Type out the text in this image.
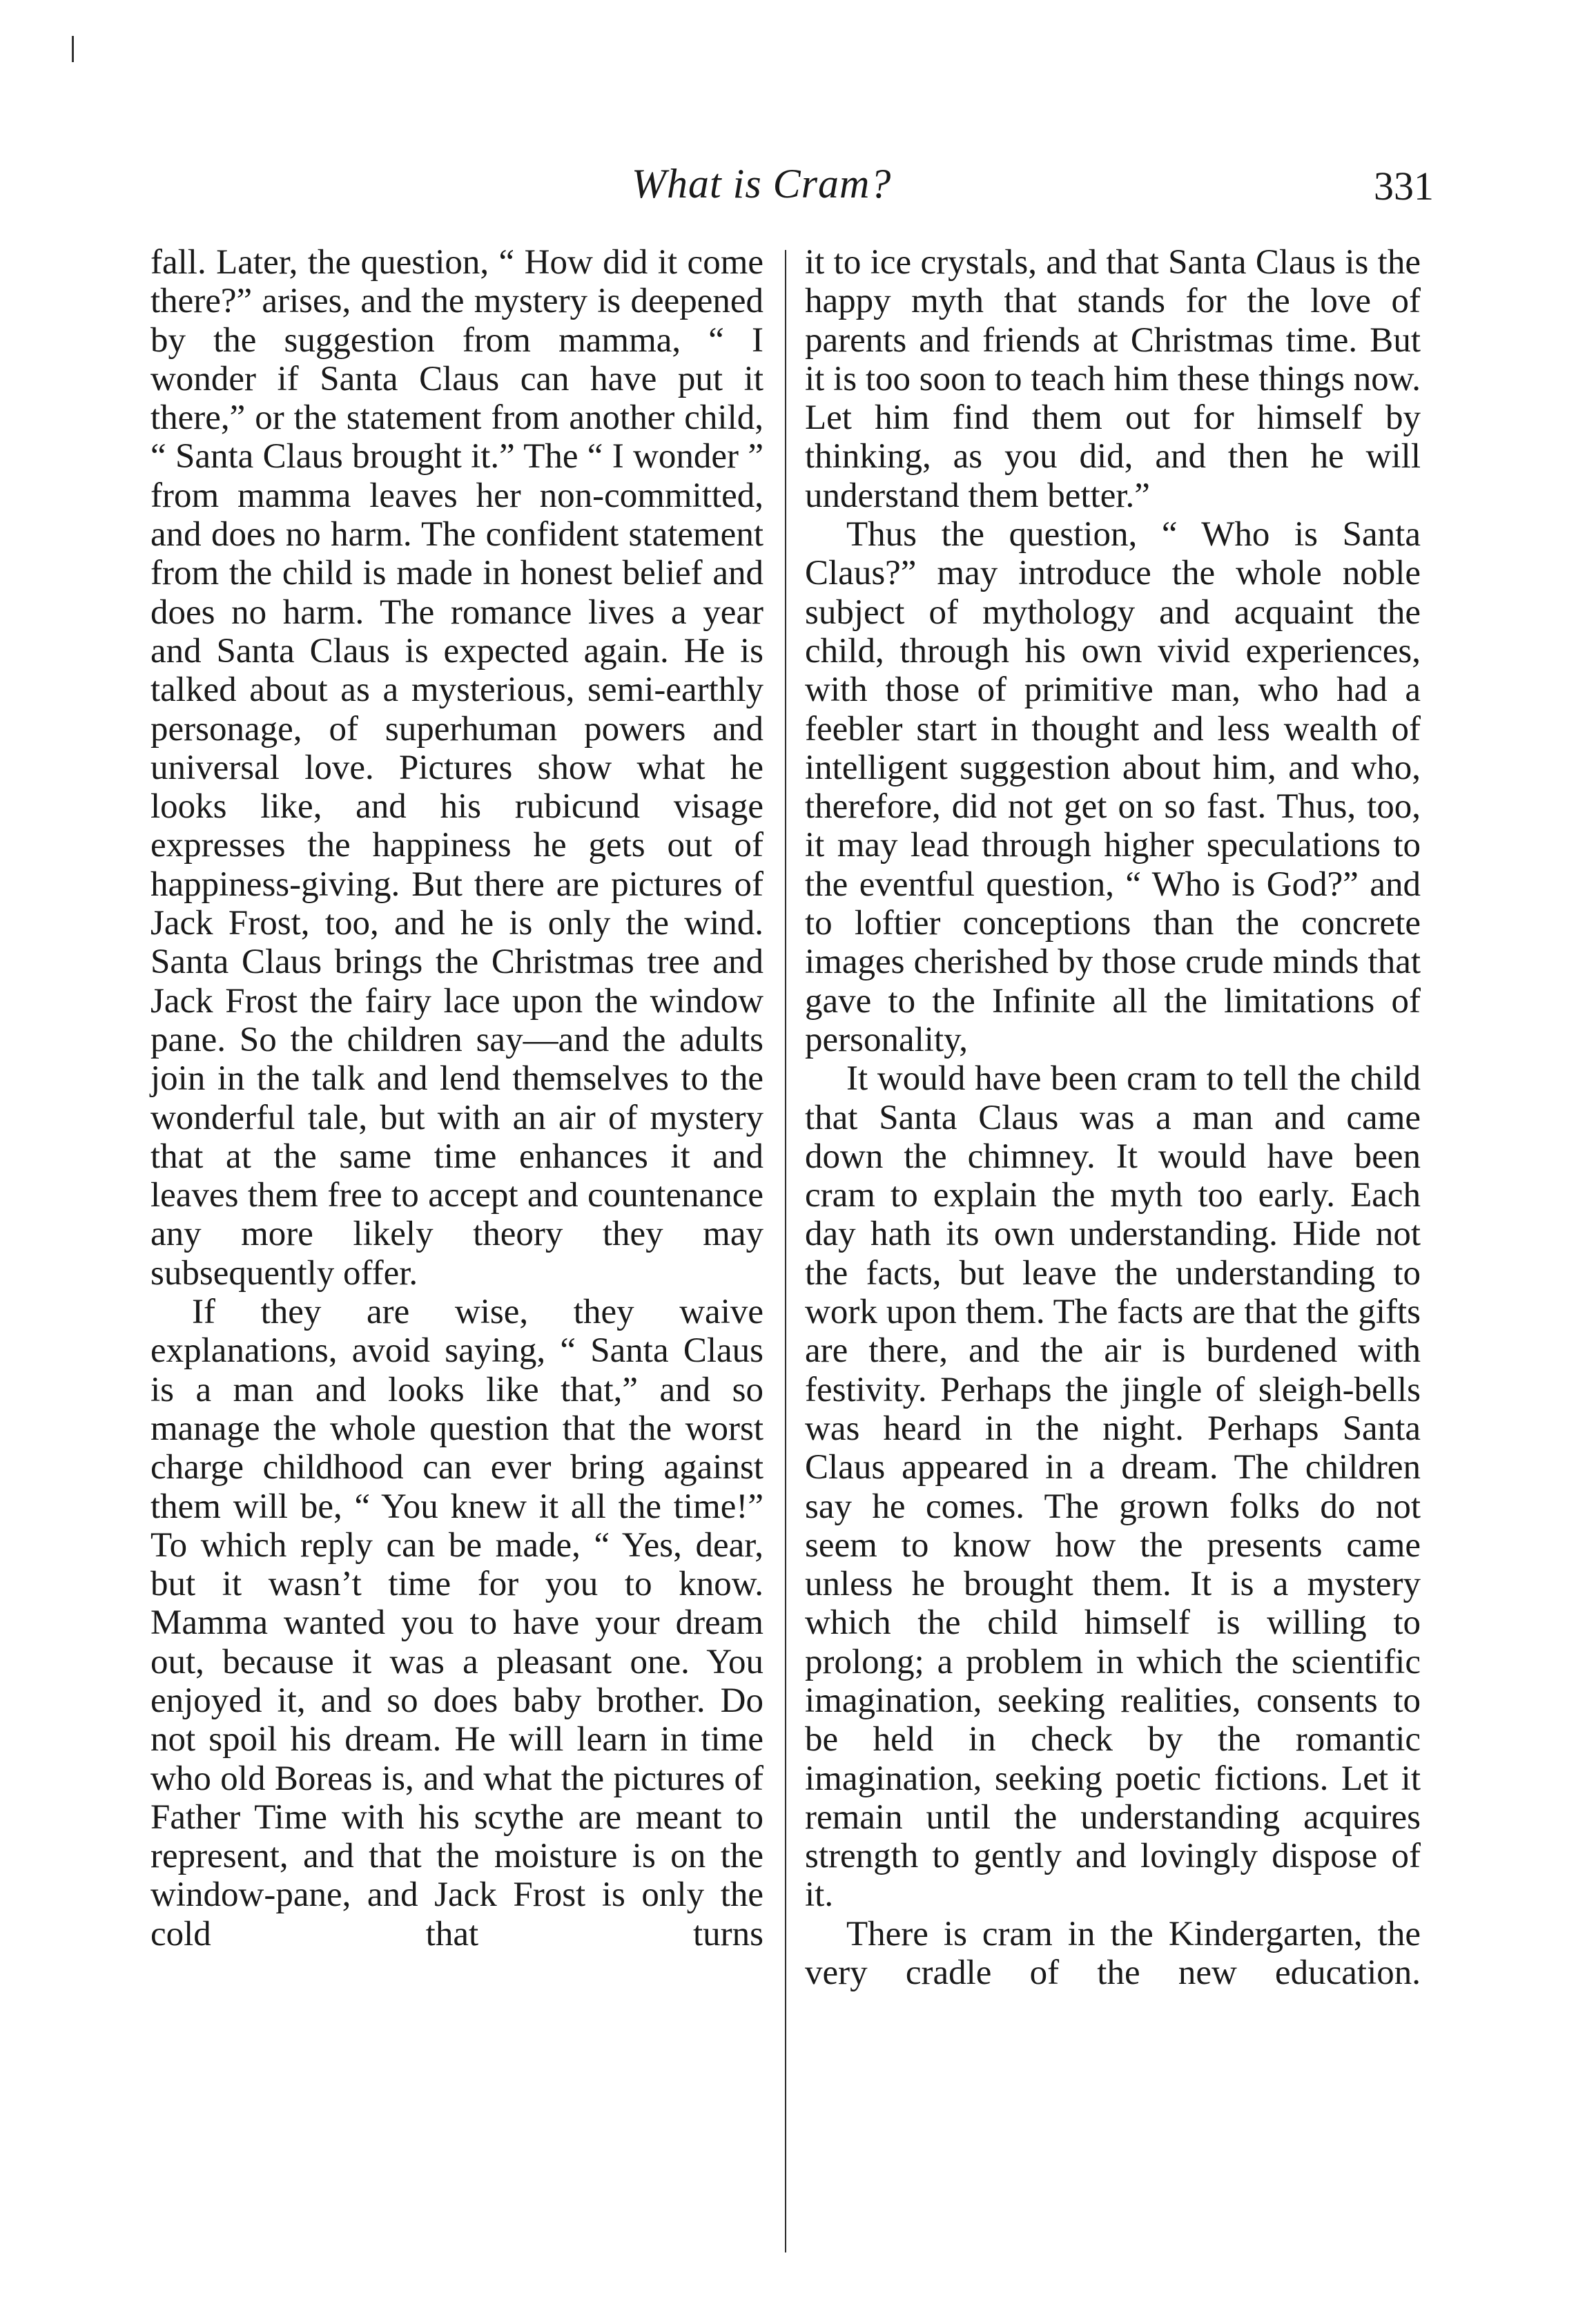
What is Cram?	331

fall. Later, the question, “ How did it come there?” arises, and the mystery is deepened by the suggestion from mamma, “ I wonder if Santa Claus can have put it there,” or the statement from another child, “ Santa Claus brought it.” The “ I wonder ” from mamma leaves her non-committed, and does no harm. The confident statement from the child is made in honest belief and does no harm. The romance lives a year and Santa Claus is expected again. He is talked about as a mysterious, semi-earthly personage, of superhuman powers and universal love. Pictures show what he looks like, and his rubicund visage expresses the happiness he gets out of happiness-giving. But there are pictures of Jack Frost, too, and he is only the wind. Santa Claus brings the Christmas tree and Jack Frost the fairy lace upon the window pane. So the children say—and the adults join in the talk and lend themselves to the wonderful tale, but with an air of mystery that at the same time enhances it and leaves them free to accept and countenance any more likely theory they may subsequently offer.

If they are wise, they waive explanations, avoid saying, “ Santa Claus is a man and looks like that,” and so manage the whole question that the worst charge childhood can ever bring against them will be, “ You knew it all the time!” To which reply can be made, “ Yes, dear, but it wasn’t time for you to know. Mamma wanted you to have your dream out, because it was a pleasant one. You enjoyed it, and so does baby brother. Do not spoil his dream. He will learn in time who old Boreas is, and what the pictures of Father Time with his scythe are meant to represent, and that the moisture is on the window-pane, and Jack Frost is only the cold that turns

it to ice crystals, and that Santa Claus is the happy myth that stands for the love of parents and friends at Christmas time. But it is too soon to teach him these things now. Let him find them out for himself by thinking, as you did, and then he will understand them better.”

Thus the question, “ Who is Santa Claus?” may introduce the whole noble subject of mythology and acquaint the child, through his own vivid experiences, with those of primitive man, who had a feebler start in thought and less wealth of intelligent suggestion about him, and who, therefore, did not get on so fast. Thus, too, it may lead through higher speculations to the eventful question, “ Who is God?” and to loftier conceptions than the concrete images cherished by those crude minds that gave to the Infinite all the limitations of personality,

It would have been cram to tell the child that Santa Claus was a man and came down the chimney. It would have been cram to explain the myth too early. Each day hath its own understanding. Hide not the facts, but leave the understanding to work upon them. The facts are that the gifts are there, and the air is burdened with festivity. Perhaps the jingle of sleigh-bells was heard in the night. Perhaps Santa Claus appeared in a dream. The children say he comes. The grown folks do not seem to know how the presents came unless he brought them. It is a mystery which the child himself is willing to prolong; a problem in which the scientific imagination, seeking realities, consents to be held in check by the romantic imagination, seeking poetic fictions. Let it remain until the understanding acquires strength to gently and lovingly dispose of it.

There is cram in the Kindergarten, the very cradle of the new education.
